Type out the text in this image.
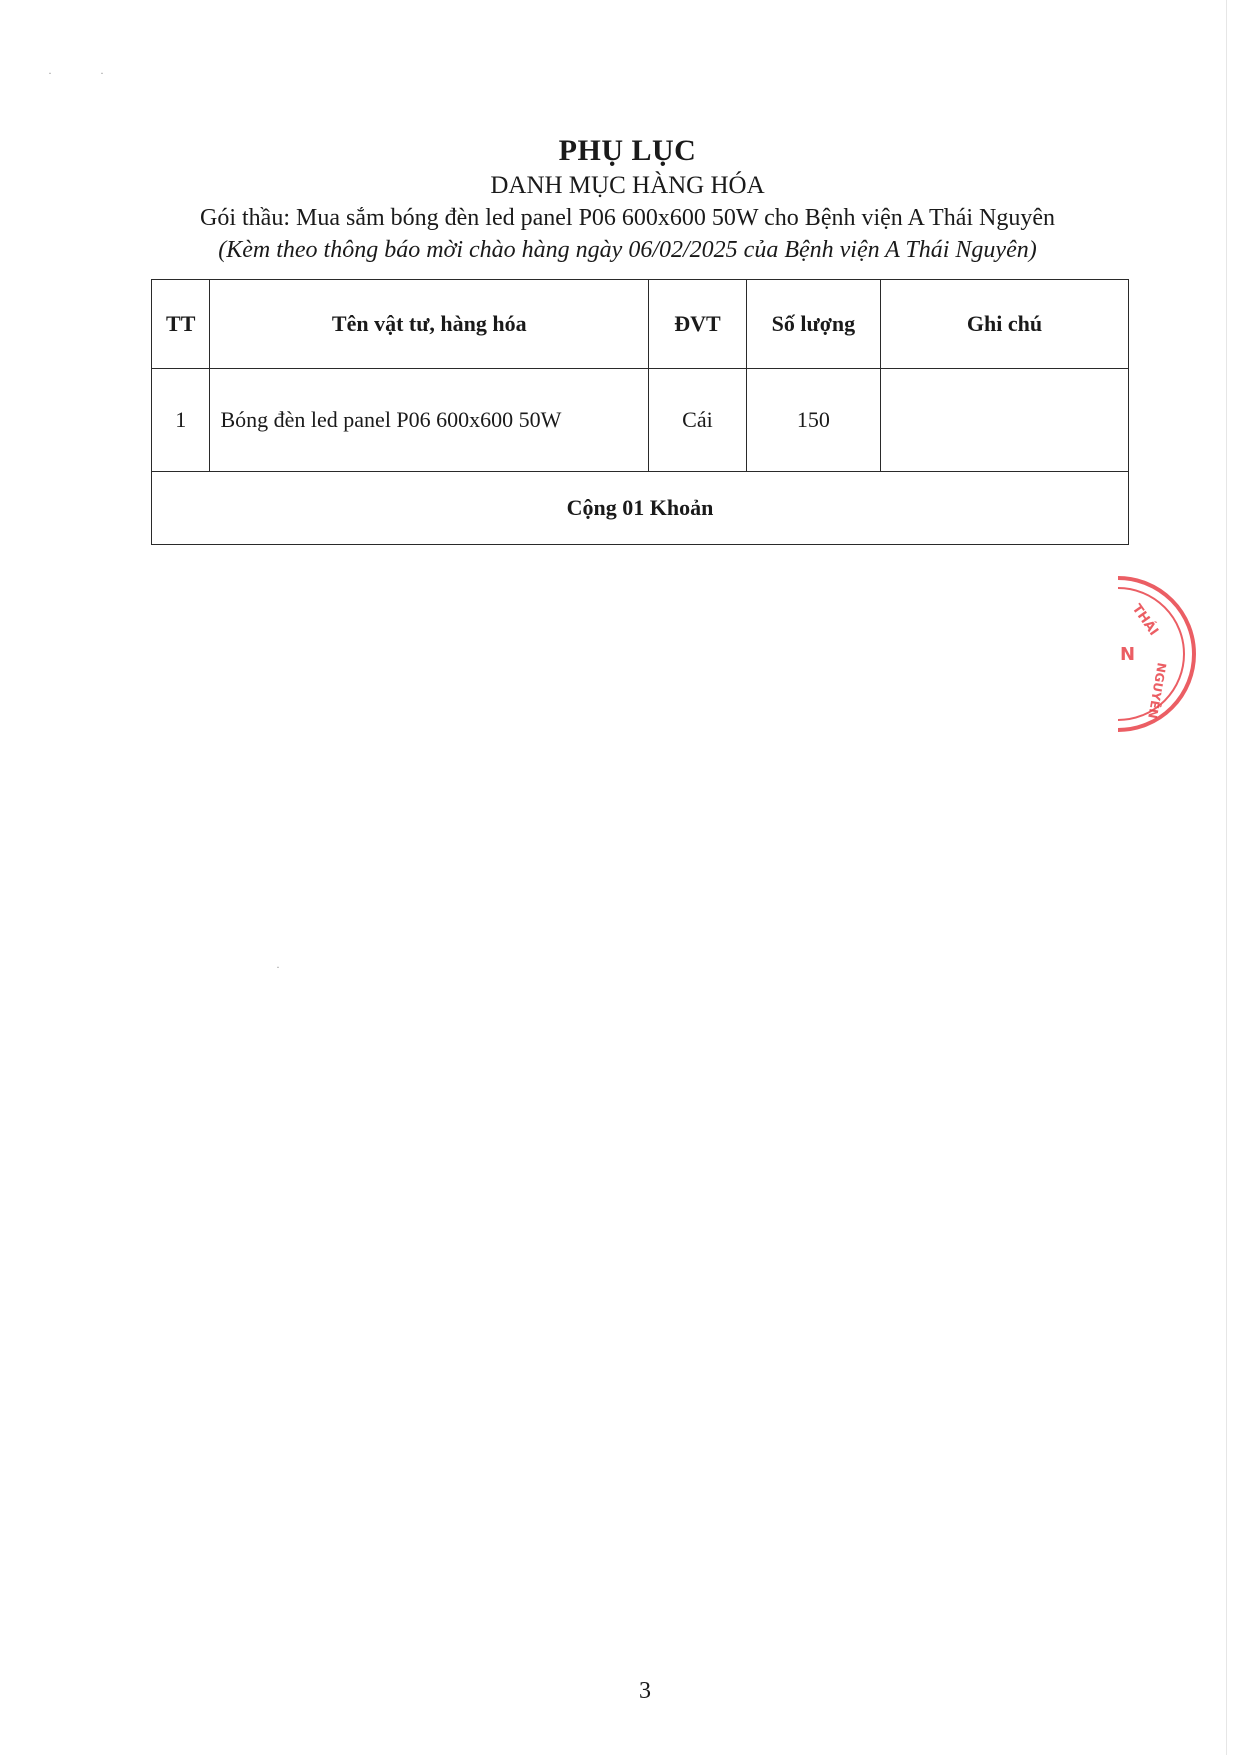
·	·
·
PHỤ LỤC
DANH MỤC HÀNG HÓA
Gói thầu: Mua sắm bóng đèn led panel P06 600x600 50W cho Bệnh viện A Thái Nguyên
(Kèm theo thông báo mời chào hàng ngày 06/02/2025 của Bệnh viện A Thái Nguyên)
TT	Tên vật tư, hàng hóa	ĐVT	Số lượng	Ghi chú
1	Bóng đèn led panel P06 600x600 50W	Cái	150	
Cộng 01 Khoản				
THÁI
N
NGUYÊN
3
